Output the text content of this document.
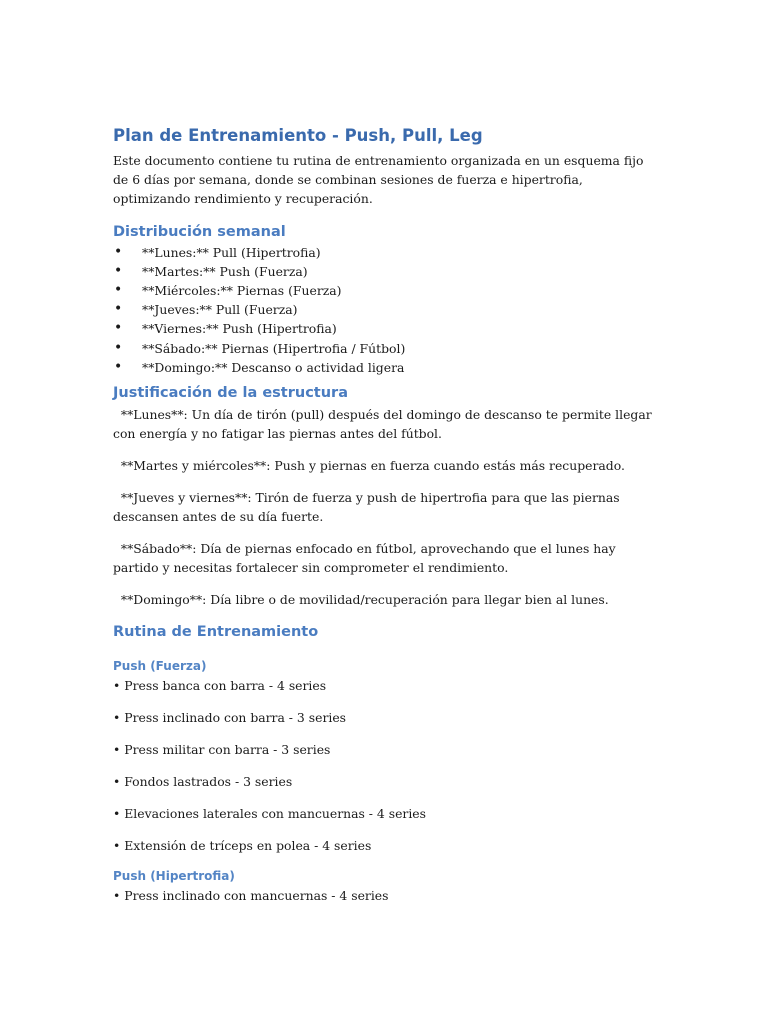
Plan de Entrenamiento - Push, Pull, Leg

Este documento contiene tu rutina de entrenamiento organizada en un esquema fijo de 6 días por semana, donde se combinan sesiones de fuerza e hipertrofia, optimizando rendimiento y recuperación.

Distribución semanal
• **Lunes:** Pull (Hipertrofia)
• **Martes:** Push (Fuerza)
• **Miércoles:** Piernas (Fuerza)
• **Jueves:** Pull (Fuerza)
• **Viernes:** Push (Hipertrofia)
• **Sábado:** Piernas (Hipertrofia / Fútbol)
• **Domingo:** Descanso o actividad ligera
Justificación de la estructura

**Lunes**: Un día de tirón (pull) después del domingo de descanso te permite llegar con energía y no fatigar las piernas antes del fútbol.

**Martes y miércoles**: Push y piernas en fuerza cuando estás más recuperado.

**Jueves y viernes**: Tirón de fuerza y push de hipertrofia para que las piernas descansen antes de su día fuerte.

**Sábado**: Día de piernas enfocado en fútbol, aprovechando que el lunes hay partido y necesitas fortalecer sin comprometer el rendimiento.

**Domingo**: Día libre o de movilidad/recuperación para llegar bien al lunes.

Rutina de Entrenamiento
Push (Fuerza)

• Press banca con barra - 4 series

• Press inclinado con barra - 3 series

• Press militar con barra - 3 series

• Fondos lastrados - 3 series

• Elevaciones laterales con mancuernas - 4 series

• Extensión de tríceps en polea - 4 series

Push (Hipertrofia)

• Press inclinado con mancuernas - 4 series
